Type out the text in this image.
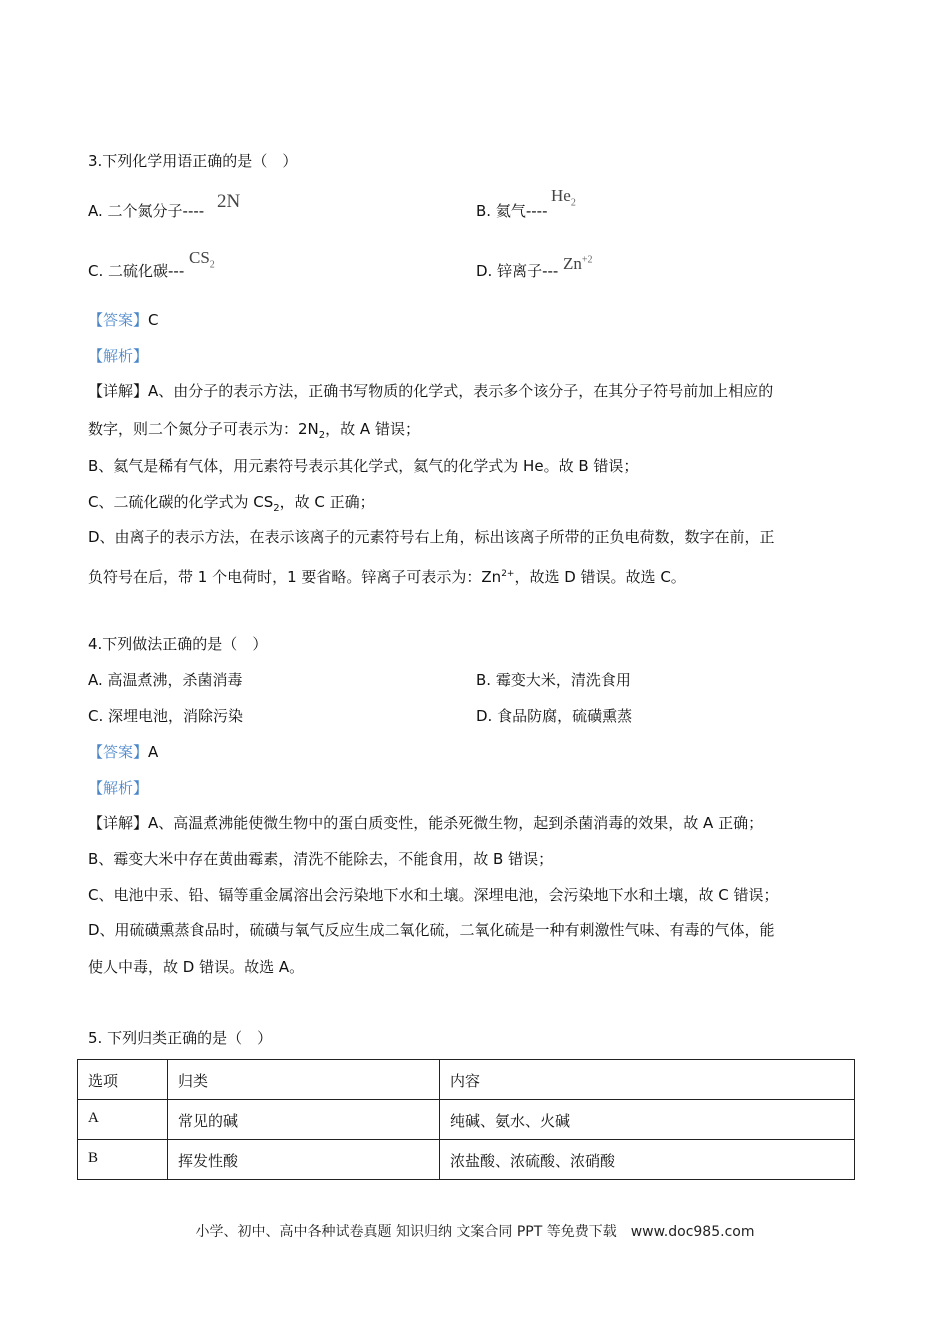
3.下列化学用语正确的是（　）
A. 二个氮分子---- 2N	B. 氦气----
$He_2$
C. 二硫化碳---
$CS_2$	D. 锌离子--- $Zn^{+2}$
【答案】C
【解析】
【详解】A、由分子的表示方法，正确书写物质的化学式，表示多个该分子，在其分子符号前加上相应的
数字，则二个氮分子可表示为：$2N_2$，故 A 错误；
B、氦气是稀有气体，用元素符号表示其化学式，氦气的化学式为 He。故 B 错误；
C、二硫化碳的化学式为 $CS_2$，故 C 正确；
D、由离子的表示方法，在表示该离子的元素符号右上角，标出该离子所带的正负电荷数，数字在前，正
负符号在后，带 1 个电荷时，1 要省略。锌离子可表示为：$Zn^{2+}$，故选 D 错误。故选 C。
4.下列做法正确的是（　）
A. 高温煮沸，杀菌消毒	B. 霉变大米，清洗食用
C. 深埋电池，消除污染	D. 食品防腐，硫磺熏蒸
【答案】A
【解析】
【详解】A、高温煮沸能使微生物中的蛋白质变性，能杀死微生物，起到杀菌消毒的效果，故 A 正确；
B、霉变大米中存在黄曲霉素，清洗不能除去，不能食用，故 B 错误；
C、电池中汞、铅、镉等重金属溶出会污染地下水和土壤。深埋电池，会污染地下水和土壤，故 C 错误；
D、用硫磺熏蒸食品时，硫磺与氧气反应生成二氧化硫，二氧化硫是一种有刺激性气味、有毒的气体，能
使人中毒，故 D 错误。故选 A。
5. 下列归类正确的是（　）
选项	归类	内容
A	常见的碱	纯碱、氨水、火碱
B	挥发性酸	浓盐酸、浓硫酸、浓硝酸
小学、初中、高中各种试卷真题 知识归纳 文案合同 PPT 等免费下载　www.doc985.com
